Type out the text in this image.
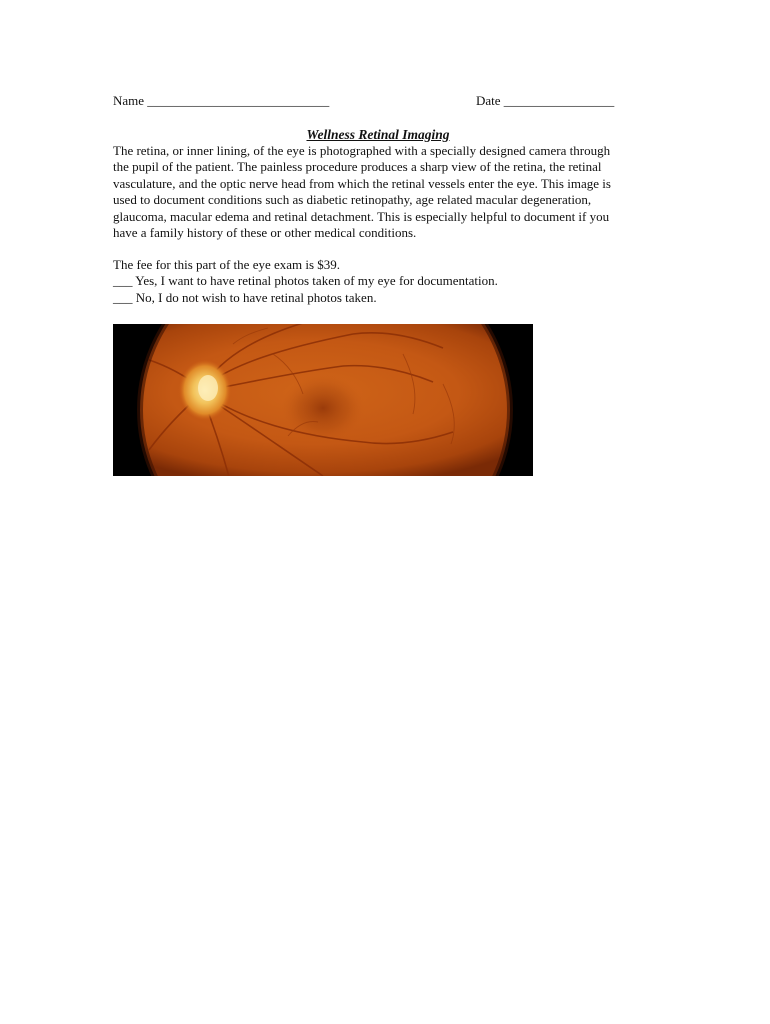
Name ____________________________	Date _________________
Wellness Retinal Imaging
The retina, or inner lining, of the eye is photographed with a specially designed camera through
the pupil of the patient. The painless procedure produces a sharp view of the retina, the retinal
vasculature, and the optic nerve head from which the retinal vessels enter the eye. This image is
used to document conditions such as diabetic retinopathy, age related macular degeneration,
glaucoma, macular edema and retinal detachment. This is especially helpful to document if you
have a family history of these or other medical conditions.
The fee for this part of the eye exam is $39.
___ Yes, I want to have retinal photos taken of my eye for documentation.
___ No, I do not wish to have retinal photos taken.
